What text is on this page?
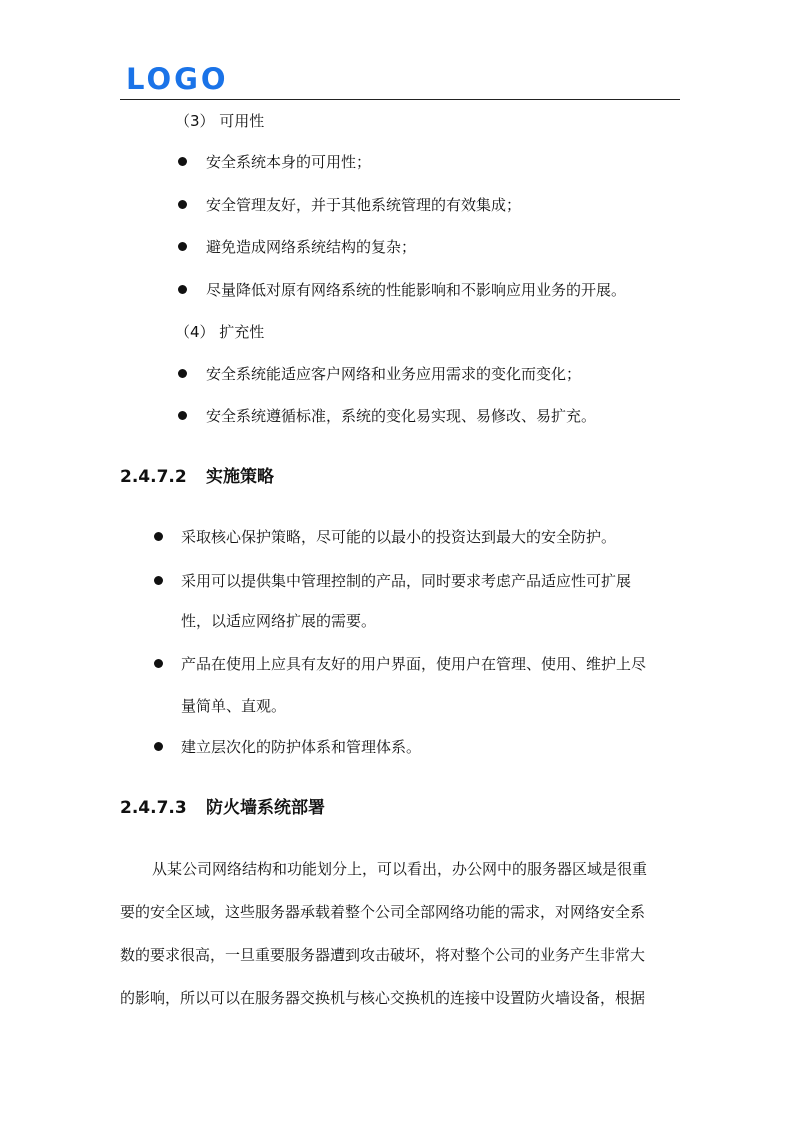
LOGO
（3） 可用性
安全系统本身的可用性；
安全管理友好，并于其他系统管理的有效集成；
避免造成网络系统结构的复杂；
尽量降低对原有网络系统的性能影响和不影响应用业务的开展。
（4） 扩充性
安全系统能适应客户网络和业务应用需求的变化而变化；
安全系统遵循标准，系统的变化易实现、易修改、易扩充。
2.4.7.2 实施策略
采取核心保护策略，尽可能的以最小的投资达到最大的安全防护。
采用可以提供集中管理控制的产品，同时要求考虑产品适应性可扩展
性，以适应网络扩展的需要。
产品在使用上应具有友好的用户界面，使用户在管理、使用、维护上尽
量简单、直观。
建立层次化的防护体系和管理体系。
2.4.7.3 防火墙系统部署
从某公司网络结构和功能划分上，可以看出，办公网中的服务器区域是很重
要的安全区域，这些服务器承载着整个公司全部网络功能的需求，对网络安全系
数的要求很高，一旦重要服务器遭到攻击破坏，将对整个公司的业务产生非常大
的影响，所以可以在服务器交换机与核心交换机的连接中设置防火墙设备，根据
